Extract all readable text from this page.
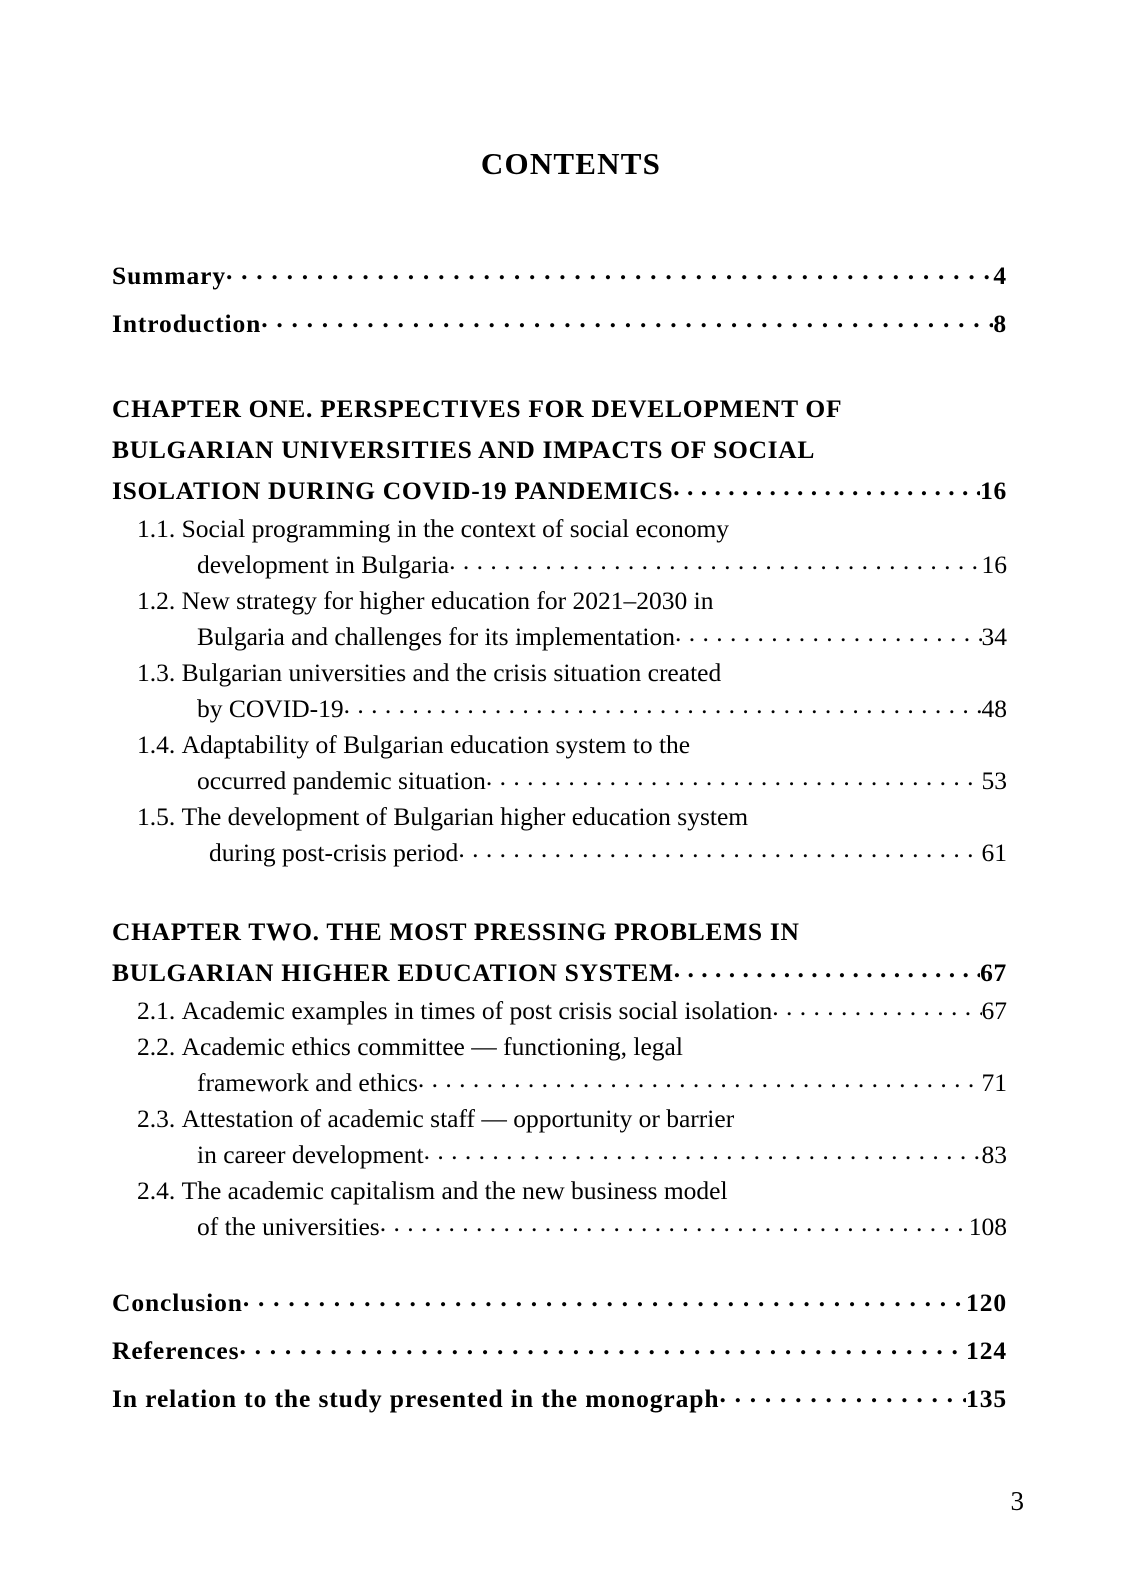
CONTENTS
Summary . . .	4
Introduction . . .	8
CHAPTER ONE. PERSPECTIVES FOR DEVELOPMENT OF
BULGARIAN UNIVERSITIES AND IMPACTS OF SOCIAL
ISOLATION DURING COVID-19 PANDEMICS . . .	16
1.1.
Social programming in the context of social economy
development in Bulgaria . . .	16
1.2.
New strategy for higher education for 2021–2030 in
Bulgaria and challenges for its implementation . . .	34
1.3.
Bulgarian universities and the crisis situation created
by COVID-19 . . .	48
1.4.
Adaptability of Bulgarian education system to the
occurred pandemic situation . . .	53
1.5.
The development of Bulgarian higher education system
during post-crisis period . . .	61
CHAPTER TWO. THE MOST PRESSING PROBLEMS IN
BULGARIAN HIGHER EDUCATION SYSTEM . . .	67
2.1. Academic examples in times of post crisis social isolation . . .	67
2.2.
Academic ethics committee — functioning, legal
framework and ethics . . .	71
2.3.
Attestation of academic staff — opportunity or barrier
in career development . . .	83
2.4.
The academic capitalism and the new business model
of the universities . . .	108
Conclusion . . .	120
References . . .	124
In relation to the study presented in the monograph . . .	135
3
